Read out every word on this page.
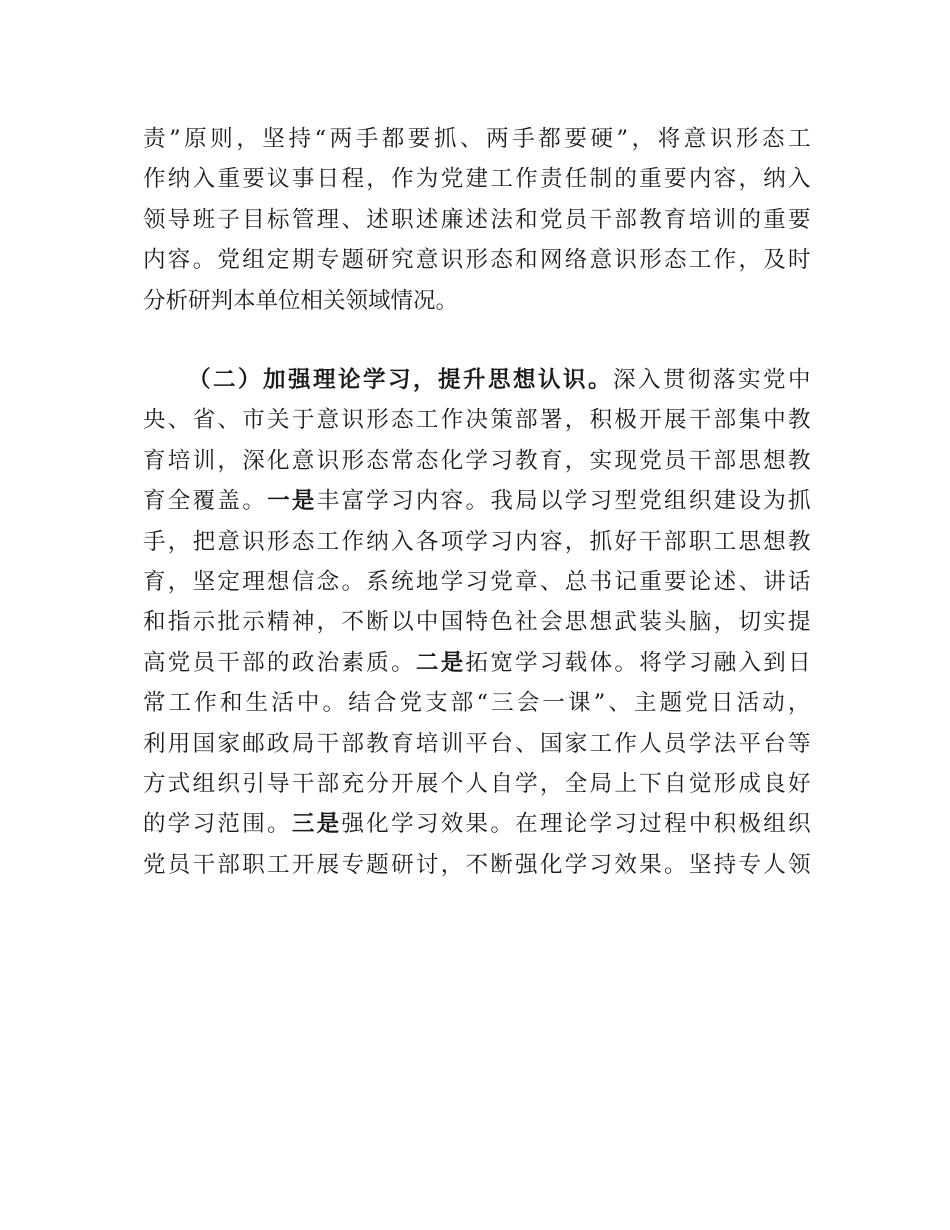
责”原则，坚持“两手都要抓、两手都要硬”，将意识形态工
作纳入重要议事日程，作为党建工作责任制的重要内容，纳入
领导班子目标管理、述职述廉述法和党员干部教育培训的重要
内容。党组定期专题研究意识形态和网络意识形态工作，及时
分析研判本单位相关领域情况。
（二）加强理论学习，提升思想认识。深入贯彻落实党中
央、省、市关于意识形态工作决策部署，积极开展干部集中教
育培训，深化意识形态常态化学习教育，实现党员干部思想教
育全覆盖。一是丰富学习内容。我局以学习型党组织建设为抓
手，把意识形态工作纳入各项学习内容，抓好干部职工思想教
育，坚定理想信念。系统地学习党章、总书记重要论述、讲话
和指示批示精神，不断以中国特色社会思想武装头脑，切实提
高党员干部的政治素质。二是拓宽学习载体。将学习融入到日
常工作和生活中。结合党支部“三会一课”、主题党日活动，
利用国家邮政局干部教育培训平台、国家工作人员学法平台等
方式组织引导干部充分开展个人自学，全局上下自觉形成良好
的学习范围。三是强化学习效果。在理论学习过程中积极组织
党员干部职工开展专题研讨，不断强化学习效果。坚持专人领
